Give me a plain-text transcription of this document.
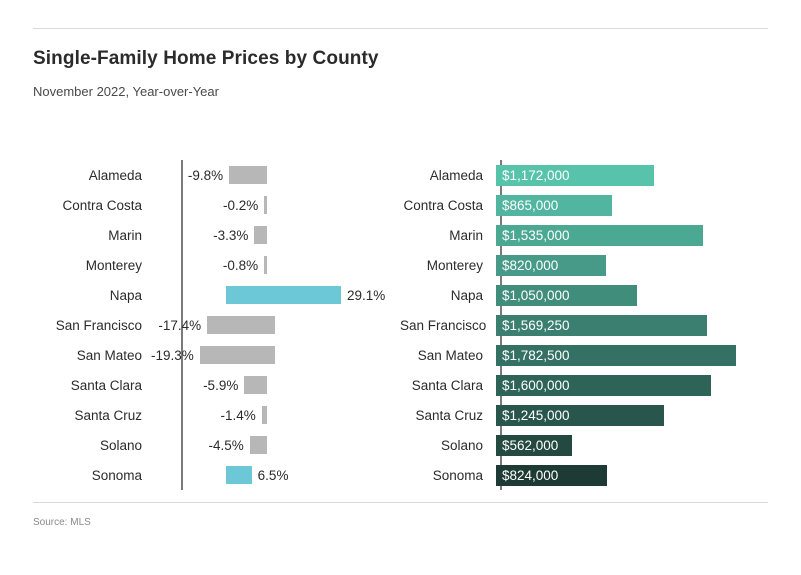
Single-Family Home Prices by County
November 2022, Year-over-Year
Source: MLS
Alameda	-9.8%
Contra Costa	-0.2%
Marin	-3.3%
Monterey	-0.8%
Napa	29.1%
San Francisco	-17.4%
San Mateo -19.3%
Santa Clara	-5.9%
Santa Cruz	-1.4%
Solano	-4.5%
Sonoma	6.5%
Alameda	$1,172,000
Contra Costa	$865,000
Marin	$1,535,000
Monterey	$820,000
Napa	$1,050,000
San Francisco	$1,569,250
San Mateo	$1,782,500
Santa Clara	$1,600,000
Santa Cruz	$1,245,000
Solano	$562,000
Sonoma	$824,000
